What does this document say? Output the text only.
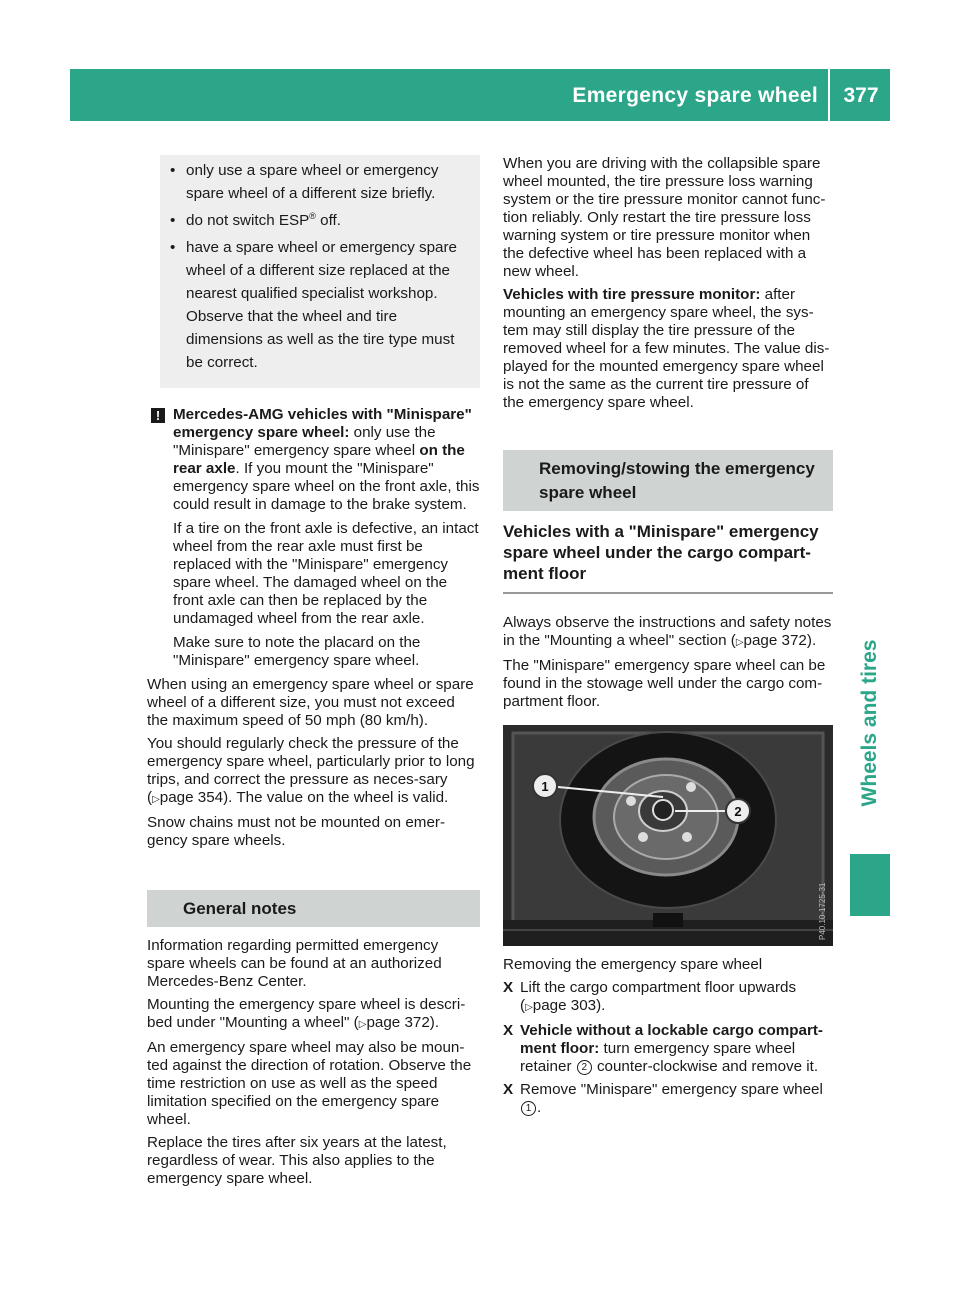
Emergency spare wheel	377
Wheels and tires
• only use a spare wheel or emergency spare wheel of a different size briefly.
• do not switch ESP® off.
• have a spare wheel or emergency spare wheel of a different size replaced at the nearest qualified specialist workshop. Observe that the wheel and tire dimensions as well as the tire type must be correct.
! Mercedes-AMG vehicles with "Minispare" emergency spare wheel: only use the "Minispare" emergency spare wheel on the rear axle. If you mount the "Minispare" emergency spare wheel on the front axle, this could result in damage to the brake system.

If a tire on the front axle is defective, an intact wheel from the rear axle must first be replaced with the "Minispare" emergency spare wheel. The damaged wheel on the front axle can then be replaced by the undamaged wheel from the rear axle.

Make sure to note the placard on the "Minispare" emergency spare wheel.

When using an emergency spare wheel or spare wheel of a different size, you must not exceed the maximum speed of 50 mph (80 km/h).

You should regularly check the pressure of the emergency spare wheel, particularly prior to long trips, and correct the pressure as neces-sary (▷page 354). The value on the wheel is valid.

Snow chains must not be mounted on emer-gency spare wheels.

General notes

Information regarding permitted emergency spare wheels can be found at an authorized Mercedes-Benz Center.

Mounting the emergency spare wheel is descri-bed under "Mounting a wheel" (▷page 372).

An emergency spare wheel may also be moun-ted against the direction of rotation. Observe the time restriction on use as well as the speed limitation specified on the emergency spare wheel.

Replace the tires after six years at the latest, regardless of wear. This also applies to the emergency spare wheel.

When you are driving with the collapsible spare wheel mounted, the tire pressure loss warning system or the tire pressure monitor cannot func-tion reliably. Only restart the tire pressure loss warning system or tire pressure monitor when the defective wheel has been replaced with a new wheel.

Vehicles with tire pressure monitor: after mounting an emergency spare wheel, the sys-tem may still display the tire pressure of the removed wheel for a few minutes. The value dis-played for the mounted emergency spare wheel is not the same as the current tire pressure of the emergency spare wheel.

Removing/stowing the emergency spare wheel
Vehicles with a "Minispare" emergency spare wheel under the cargo compart-ment floor

Always observe the instructions and safety notes in the "Mounting a wheel" section (▷page 372).

The "Minispare" emergency spare wheel can be found in the stowage well under the cargo com-partment floor.

1
2
P40.10-1725-31

Removing the emergency spare wheel

X Lift the cargo compartment floor upwards (▷page 303).
X Vehicle without a lockable cargo compart-ment floor: turn emergency spare wheel retainer 2 counter-clockwise and remove it.
X Remove "Minispare" emergency spare wheel 1 .
